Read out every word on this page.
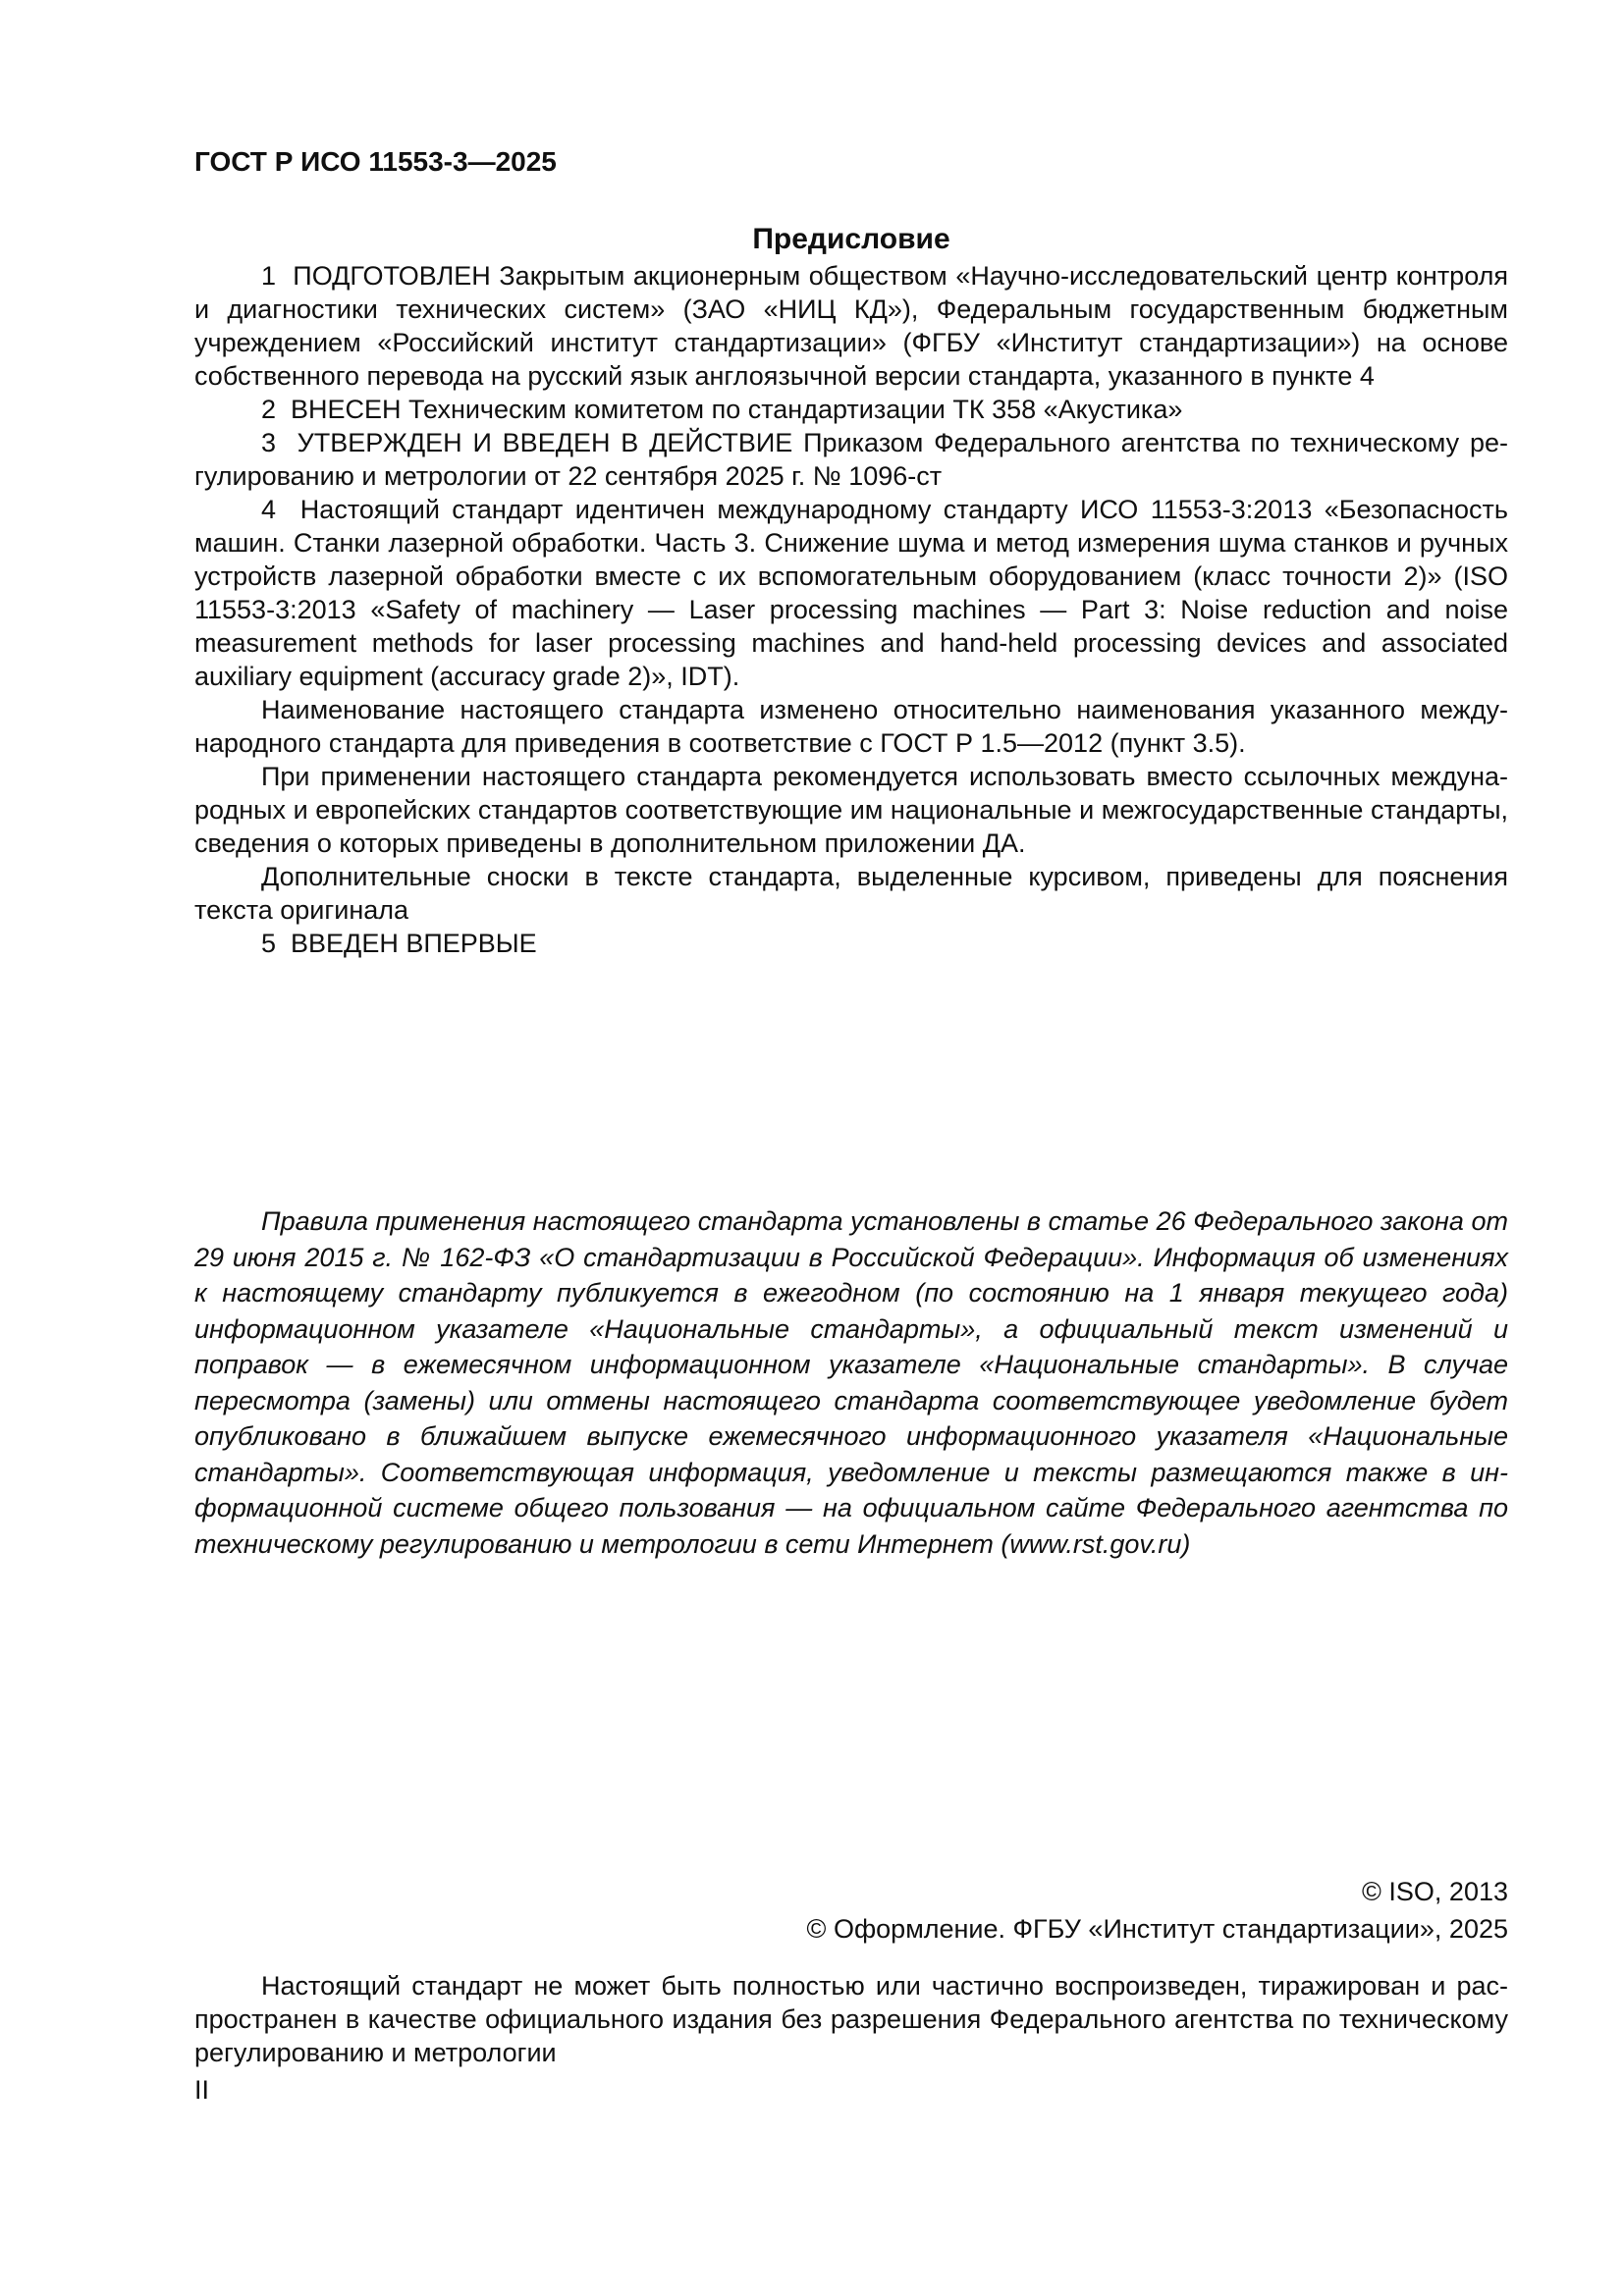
ГОСТ Р ИСО 11553-3—2025
Предисловие

1  ПОДГОТОВЛЕН Закрытым акционерным обществом «Научно-исследовательский центр контроля и диагностики технических систем» (ЗАО «НИЦ КД»), Федеральным государственным бюджетным учреждением «Российский институт стандартизации» (ФГБУ «Институт стандартизации») на основе собственного перевода на русский язык англоязычной версии стандарта, указанного в пункте 4

2  ВНЕСЕН Техническим комитетом по стандартизации ТК 358 «Акустика»

3  УТВЕРЖДЕН И ВВЕДЕН В ДЕЙСТВИЕ Приказом Федерального агентства по техническому регулированию и метрологии от 22 сентября 2025 г. № 1096-ст

4  Настоящий стандарт идентичен международному стандарту ИСО 11553-3:2013 «Безопасность машин. Станки лазерной обработки. Часть 3. Снижение шума и метод измерения шума станков и ручных устройств лазерной обработки вместе с их вспомогательным оборудованием (класс точности 2)» (ISO 11553-3:2013 «Safety of machinery — Laser processing machines — Part 3: Noise reduction and noise measurement methods for laser processing machines and hand-held processing devices and associated auxiliary equipment (accuracy grade 2)», IDT).

Наименование настоящего стандарта изменено относительно наименования указанного международного стандарта для приведения в соответствие с ГОСТ Р 1.5—2012 (пункт 3.5).

При применении настоящего стандарта рекомендуется использовать вместо ссылочных международных и европейских стандартов соответствующие им национальные и межгосударственные стандарты, сведения о которых приведены в дополнительном приложении ДА.

Дополнительные сноски в тексте стандарта, выделенные курсивом, приведены для пояснения текста оригинала

5  ВВЕДЕН ВПЕРВЫЕ

Правила применения настоящего стандарта установлены в статье 26 Федерального закона от 29 июня 2015 г. № 162-ФЗ «О стандартизации в Российской Федерации». Информация об изменениях к настоящему стандарту публикуется в ежегодном (по состоянию на 1 января текущего года) информационном указателе «Национальные стандарты», а официальный текст изменений и поправок — в ежемесячном информационном указателе «Национальные стандарты». В случае пересмотра (замены) или отмены настоящего стандарта соответствующее уведомление будет опубликовано в ближайшем выпуске ежемесячного информационного указателя «Национальные стандарты». Соответствующая информация, уведомление и тексты размещаются также в информационной системе общего пользования — на официальном сайте Федерального агентства по техническому регулированию и метрологии в сети Интернет (www.rst.gov.ru)

© ISO, 2013
© Оформление. ФГБУ «Институт стандартизации», 2025

Настоящий стандарт не может быть полностью или частично воспроизведен, тиражирован и распространен в качестве официального издания без разрешения Федерального агентства по техническому регулированию и метрологии

II
